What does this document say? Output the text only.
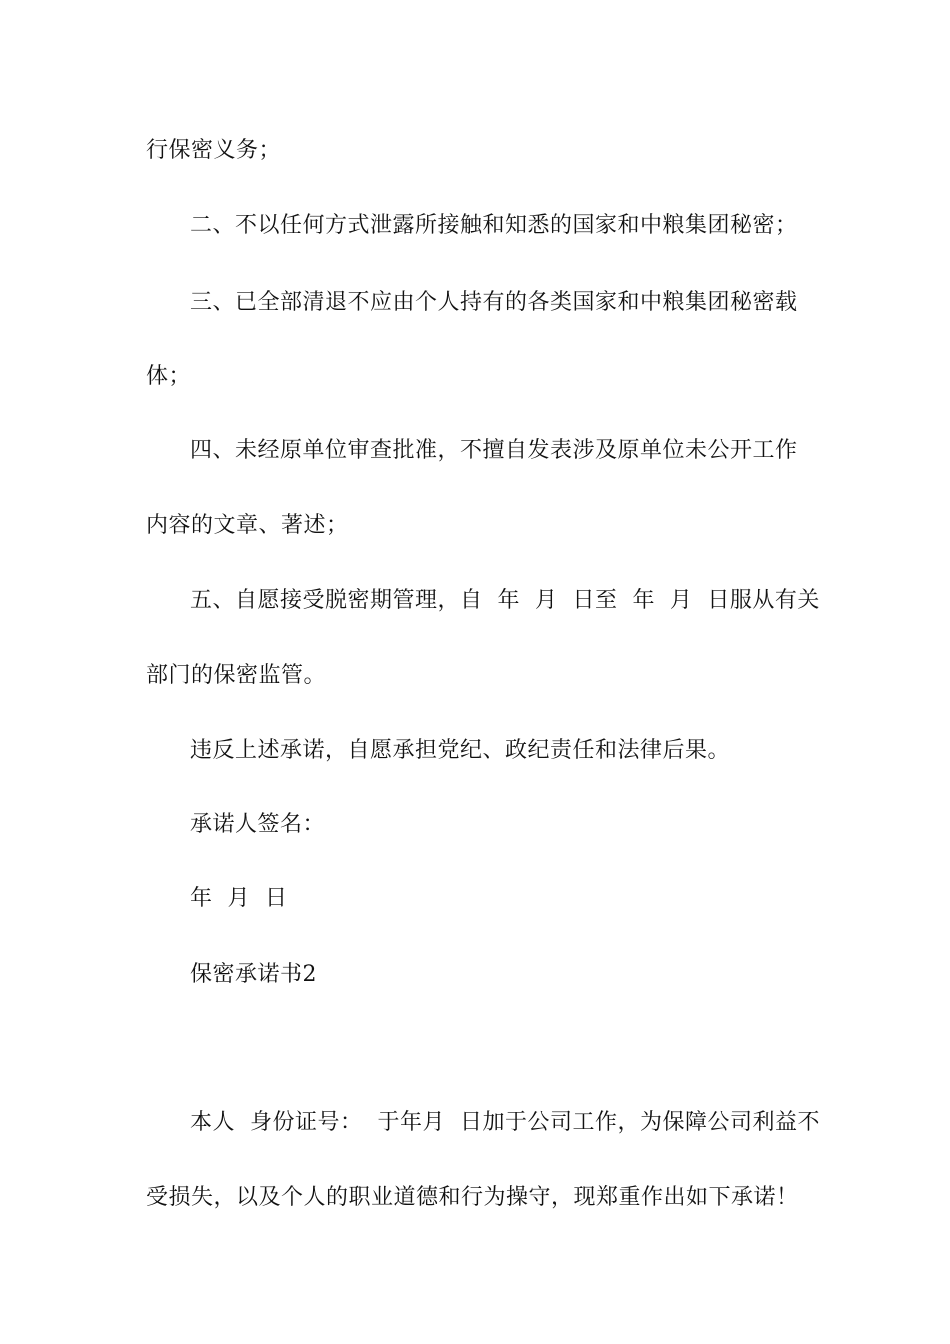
行保密义务；

二、不以任何方式泄露所接触和知悉的国家和中粮集团秘密；

三、已全部清退不应由个人持有的各类国家和中粮集团秘密载

体；

四、未经原单位审查批准，不擅自发表涉及原单位未公开工作

内容的文章、著述；

五、自愿接受脱密期管理，自  年  月  日至  年  月  日服从有关

部门的保密监管。

违反上述承诺，自愿承担党纪、政纪责任和法律后果。

承诺人签名：

年  月  日

保密承诺书2

本人  身份证号：  于年月  日加于公司工作，为保障公司利益不

受损失，以及个人的职业道德和行为操守，现郑重作出如下承诺！
